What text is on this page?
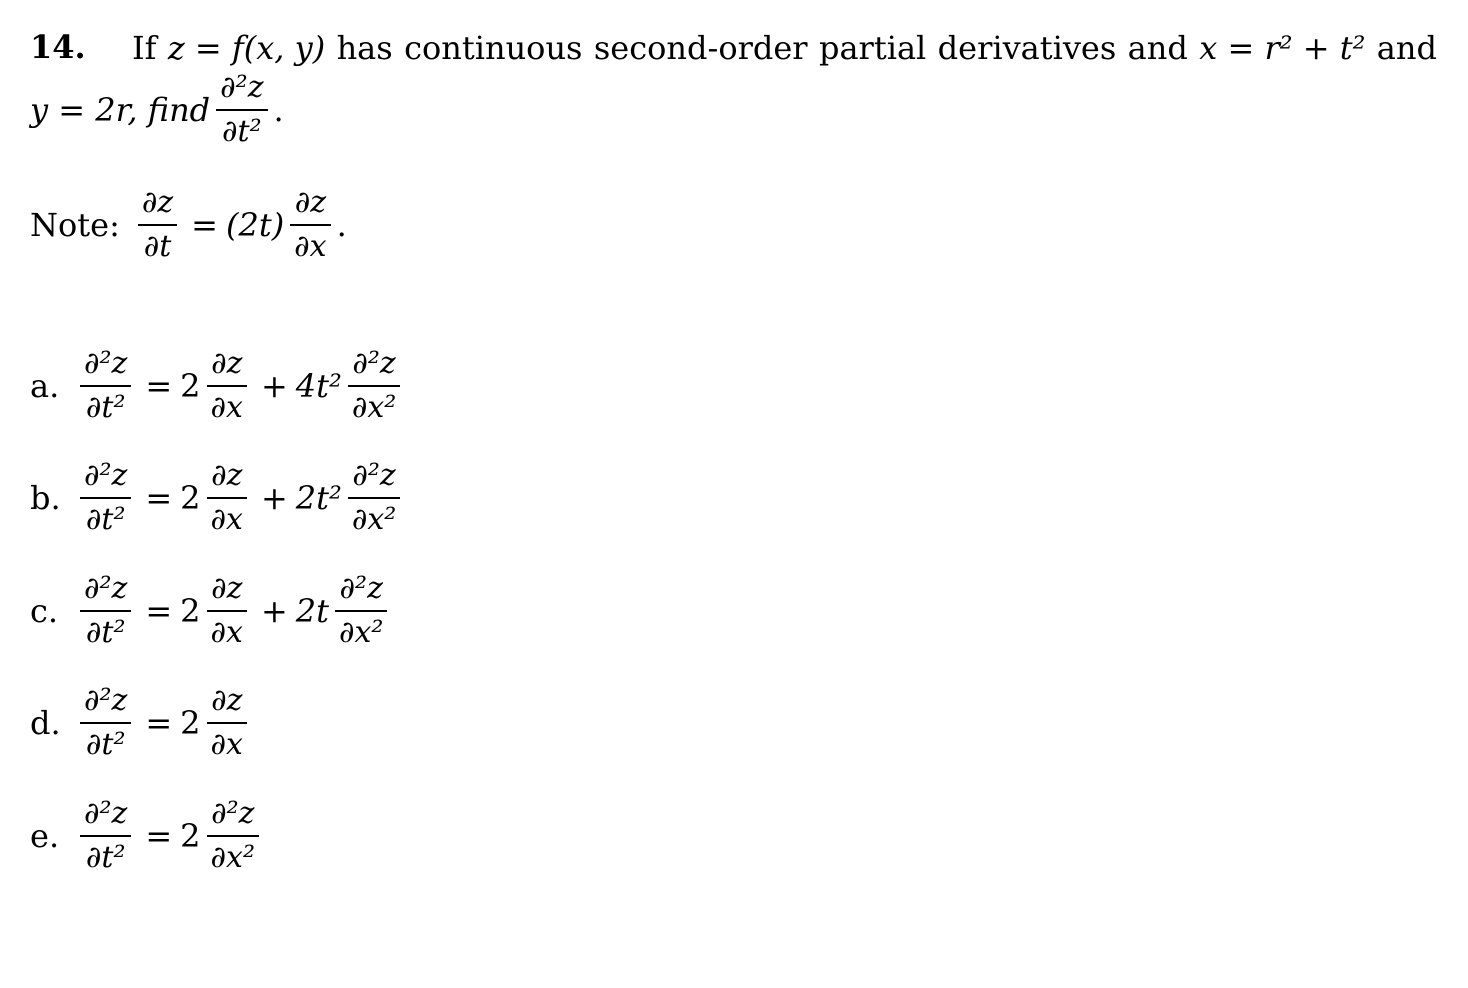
14. If z = f(x, y) has continuous second-order partial derivatives and x = r² + t² and
y = 2r, find $\frac{\text{∂²z}}{\text{∂t²}}$ .
Note: $\frac{\partial z}{\partial t} = (2t) \frac{\partial z}{\partial x}$ .
a. $\frac{\text{∂²z}}{\text{∂t²}} = 2 \frac{\partial z}{\partial x} + 4t^2 \frac{\text{∂²z}}{\text{∂x²}}$
b. $\frac{\text{∂²z}}{\text{∂t²}} = 2 \frac{\partial z}{\partial x} + 2t^2 \frac{\text{∂²z}}{\text{∂x²}}$
c. $\frac{\text{∂²z}}{\text{∂t²}} = 2 \frac{\partial z}{\partial x} + 2t \frac{\text{∂²z}}{\text{∂x²}}$
d. $\frac{\text{∂²z}}{\text{∂t²}} = 2 \frac{\partial z}{\partial x}$
e. $\frac{\text{∂²z}}{\text{∂t²}} = 2 \frac{\text{∂²z}}{\text{∂x²}}$
